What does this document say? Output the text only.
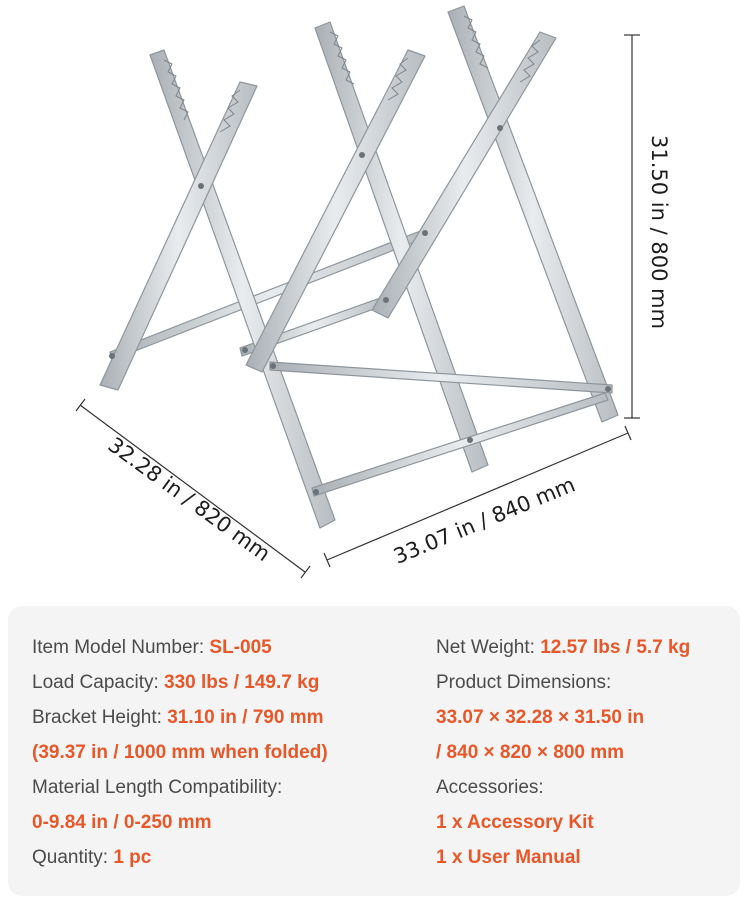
31.50 in / 800 mm
32.28 in / 820 mm	33.07 in / 840 mm
Item Model Number: SL-005
Load Capacity: 330 lbs / 149.7 kg
Bracket Height: 31.10 in / 790 mm
(39.37 in / 1000 mm when folded)
Material Length Compatibility:
0-9.84 in / 0-250 mm
Quantity: 1 pc
Net Weight: 12.57 lbs / 5.7 kg
Product Dimensions:
33.07 × 32.28 × 31.50 in
/ 840 × 820 × 800 mm
Accessories:
1 x Accessory Kit
1 x User Manual
